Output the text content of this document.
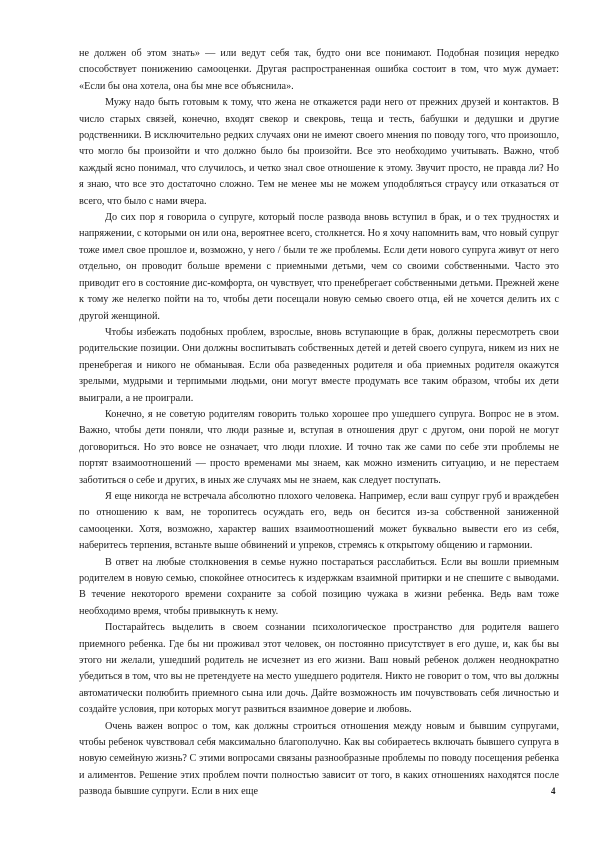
не должен об этом знать» — или ведут себя так, будто они все понимают. Подобная позиция нередко способствует понижению самооценки. Другая распространенная ошибка состоит в том, что муж думает: «Если бы она хотела, она бы мне все объяснила».

Мужу надо быть готовым к тому, что жена не откажется ради него от прежних друзей и контактов. В число старых связей, конечно, входят свекор и свекровь, теща и тесть, бабушки и дедушки и другие родственники. В исключительно редких случаях они не имеют своего мнения по поводу того, что произошло, что могло бы произойти и что должно было бы произойти. Все это необходимо учитывать. Важно, чтоб каждый ясно понимал, что случилось, и четко знал свое отношение к этому. Звучит просто, не правда ли? Но я знаю, что все это достаточно сложно. Тем не менее мы не можем уподобляться страусу или отказаться от всего, что было с нами вчера.

До сих пор я говорила о супруге, который после развода вновь вступил в брак, и о тех трудностях и напряжении, с которыми он или она, вероятнее всего, столкнется. Но я хочу напомнить вам, что новый супруг тоже имел свое прошлое и, возможно, у него / были те же проблемы. Если дети нового супруга живут от него отдельно, он проводит больше времени с приемными детьми, чем со своими собственными. Часто это приводит его в состояние дис-комфорта, он чувствует, что пренебрегает собственными детьми. Прежней жене к тому же нелегко пойти на то, чтобы дети посещали новую семью своего отца, ей не хочется делить их с другой женщиной.

Чтобы избежать подобных проблем, взрослые, вновь вступающие в брак, должны пересмотреть свои родительские позиции. Они должны воспитывать собственных детей и детей своего супруга, никем из них не пренебрегая и никого не обманывая. Если оба разведенных родителя и оба приемных родителя окажутся зрелыми, мудрыми и терпимыми людьми, они могут вместе продумать все таким образом, чтобы их дети выиграли, а не проиграли.

Конечно, я не советую родителям говорить только хорошее про ушедшего супруга. Вопрос не в этом. Важно, чтобы дети поняли, что люди разные и, вступая в отношения друг с другом, они порой не могут договориться. Но это вовсе не означает, что люди плохие. И точно так же сами по себе эти проблемы не портят взаимоотношений — просто временами мы знаем, как можно изменить ситуацию, и не перестаем заботиться о себе и других, в иных же случаях мы не знаем, как следует поступать.

Я еще никогда не встречала абсолютно плохого человека. Например, если ваш супруг груб и враждебен по отношению к вам, не торопитесь осуждать его, ведь он бесится из-за собственной заниженной самооценки. Хотя, возможно, характер ваших взаимоотношений может буквально вывести его из себя, наберитесь терпения, встаньте выше обвинений и упреков, стремясь к открытому общению и гармонии.

В ответ на любые столкновения в семье нужно постараться расслабиться. Если вы вошли приемным родителем в новую семью, спокойнее относитесь к издержкам взаимной притирки и не спешите с выводами. В течение некоторого времени сохраните за собой позицию чужака в жизни ребенка. Ведь вам тоже необходимо время, чтобы привыкнуть к нему.

Постарайтесь выделить в своем сознании психологическое пространство для родителя вашего приемного ребенка. Где бы ни проживал этот человек, он постоянно присутствует в его душе, и, как бы вы этого ни желали, ушедший родитель не исчезнет из его жизни. Ваш новый ребенок должен неоднократно убедиться в том, что вы не претендуете на место ушедшего родителя. Никто не говорит о том, что вы должны автоматически полюбить приемного сына или дочь. Дайте возможность им почувствовать себя личностью и создайте условия, при которых могут развиться взаимное доверие и любовь.

Очень важен вопрос о том, как должны строиться отношения между новым и бывшим супругами, чтобы ребенок чувствовал себя максимально благополучно. Как вы собираетесь включать бывшего супруга в новую семейную жизнь? С этими вопросами связаны разнообразные проблемы по поводу посещения ребенка и алиментов. Решение этих проблем почти полностью зависит от того, в каких отношениях находятся после развода бывшие супруги. Если в них еще	4
